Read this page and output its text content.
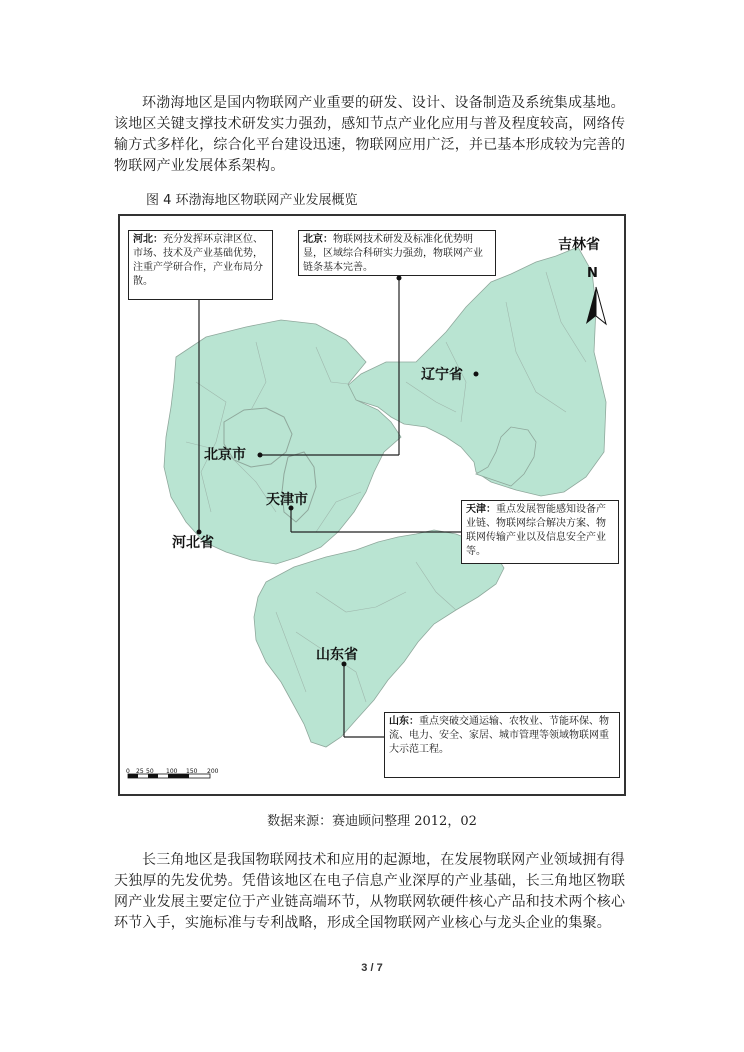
环渤海地区是国内物联网产业重要的研发、设计、设备制造及系统集成基地。该地区关键支撑技术研发实力强劲，感知节点产业化应用与普及程度较高，网络传输方式多样化，综合化平台建设迅速，物联网应用广泛，并已基本形成较为完善的物联网产业发展体系架构。

图 4 环渤海地区物联网产业发展概览
吉林省
N
辽宁省
北京市
天津市
河北省
山东省
河北：充分发挥环京津区位、市场、技术及产业基础优势，注重产学研合作，产业布局分散。
北京：物联网技术研发及标准化优势明显，区域综合科研实力强劲，物联网产业链条基本完善。
天津：重点发展智能感知设备产业链、物联网综合解决方案、物联网传输产业以及信息安全产业等。
山东：重点突破交通运输、农牧业、节能环保、物流、电力、安全、家居、城市管理等领域物联网重大示范工程。
0 25 50 100 150 200
数据来源：赛迪顾问整理 2012，02

长三角地区是我国物联网技术和应用的起源地，在发展物联网产业领域拥有得天独厚的先发优势。凭借该地区在电子信息产业深厚的产业基础，长三角地区物联网产业发展主要定位于产业链高端环节，从物联网软硬件核心产品和技术两个核心环节入手，实施标准与专利战略，形成全国物联网产业核心与龙头企业的集聚。

3 / 7
